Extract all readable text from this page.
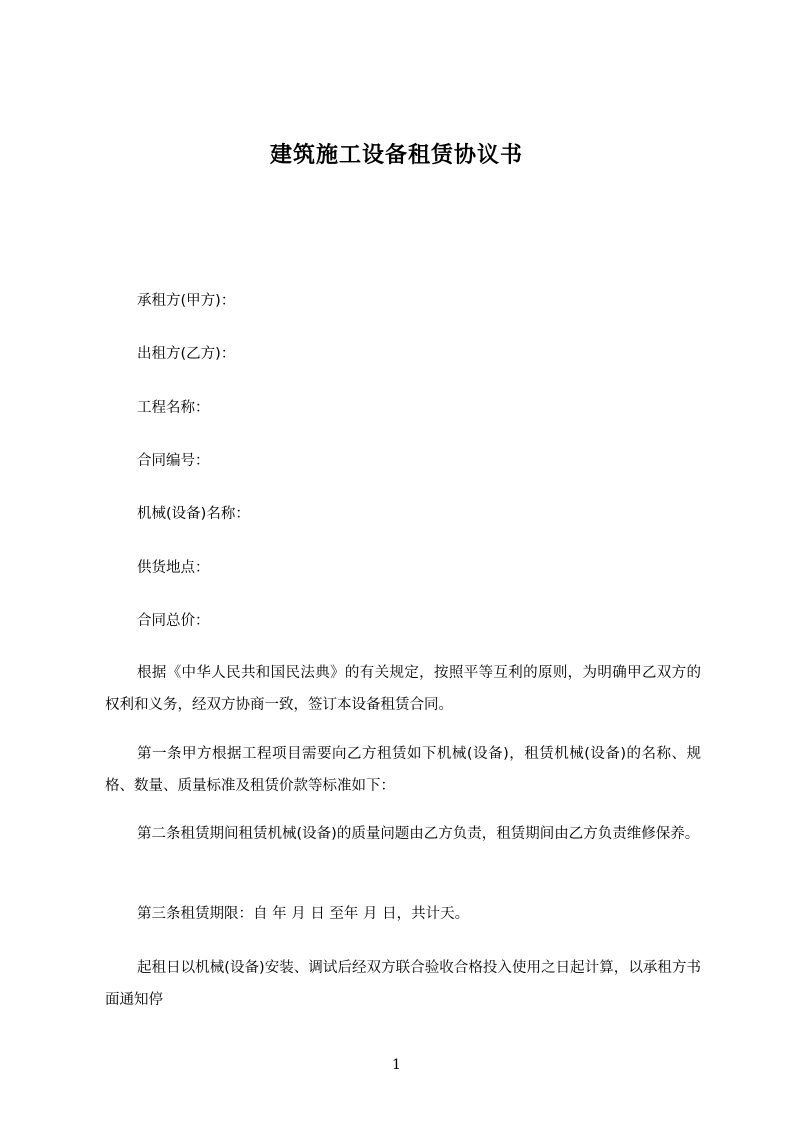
建筑施工设备租赁协议书
承租方(甲方)：
出租方(乙方)：
工程名称：
合同编号：
机械(设备)名称：
供货地点：
合同总价：
根据《中华人民共和国民法典》的有关规定，按照平等互利的原则，为明确甲乙双方的权利和义务，经双方协商一致，签订本设备租赁合同。
第一条甲方根据工程项目需要向乙方租赁如下机械(设备)，租赁机械(设备)的名称、规格、数量、质量标准及租赁价款等标准如下：
第二条租赁期间租赁机械(设备)的质量问题由乙方负责，租赁期间由乙方负责维修保养。
第三条租赁期限：自 年 月 日 至年 月 日，共计天。
起租日以机械(设备)安装、调试后经双方联合验收合格投入使用之日起计算，以承租方书面通知停
1
